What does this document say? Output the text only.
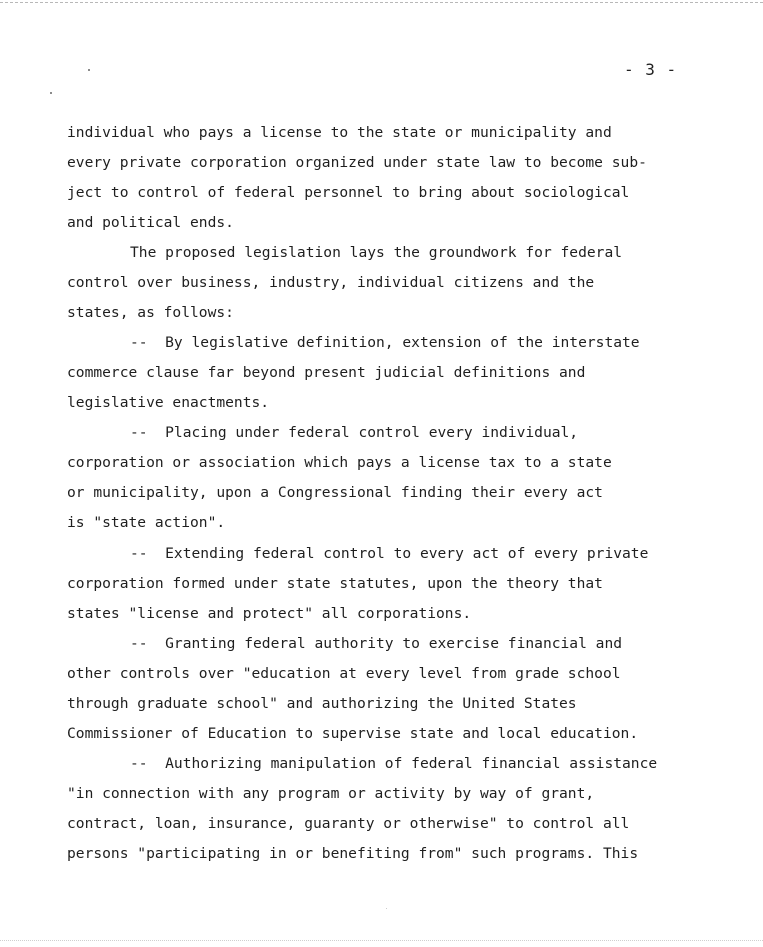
- 3 -
individual who pays a license to the state or municipality and
every private corporation organized under state law to become sub-
ject to control of federal personnel to bring about sociological
and political ends.
The proposed legislation lays the groundwork for federal
control over business, industry, individual citizens and the
states, as follows:
--  By legislative definition, extension of the interstate
commerce clause far beyond present judicial definitions and
legislative enactments.
--  Placing under federal control every individual,
corporation or association which pays a license tax to a state
or municipality, upon a Congressional finding their every act
is "state action".
--  Extending federal control to every act of every private
corporation formed under state statutes, upon the theory that
states "license and protect" all corporations.
--  Granting federal authority to exercise financial and
other controls over "education at every level from grade school
through graduate school" and authorizing the United States
Commissioner of Education to supervise state and local education.
--  Authorizing manipulation of federal financial assistance
"in connection with any program or activity by way of grant,
contract, loan, insurance, guaranty or otherwise" to control all
persons "participating in or benefiting from" such programs. This
